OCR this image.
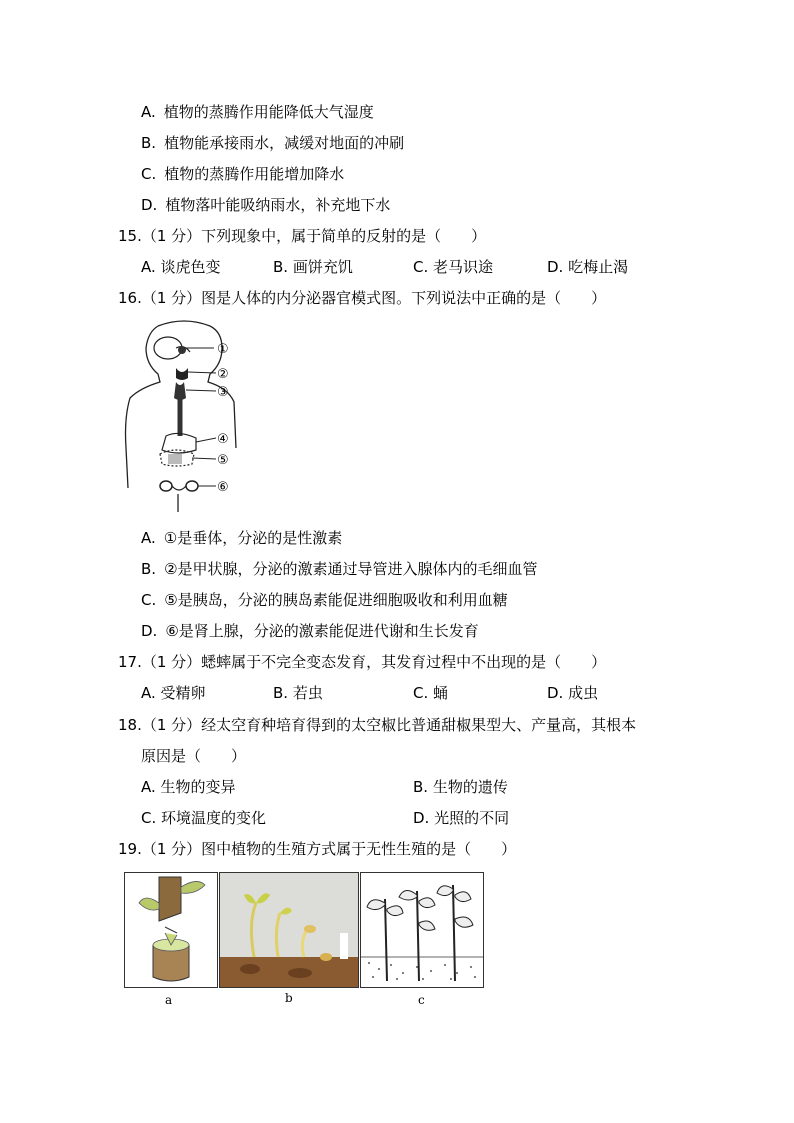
A. 植物的蒸腾作用能降低大气湿度
B. 植物能承接雨水，减缓对地面的冲刷
C. 植物的蒸腾作用能增加降水
D. 植物落叶能吸纳雨水，补充地下水
15.（1 分）下列现象中，属于简单的反射的是（　　）
A. 谈虎色变	B. 画饼充饥	C. 老马识途	D. 吃梅止渴
16.（1 分）图是人体的内分泌器官模式图。下列说法中正确的是（　　）
①
②
③
④
⑤
⑥
A. ①是垂体，分泌的是性激素
B. ②是甲状腺，分泌的激素通过导管进入腺体内的毛细血管
C. ⑤是胰岛，分泌的胰岛素能促进细胞吸收和利用血糖
D. ⑥是肾上腺，分泌的激素能促进代谢和生长发育
17.（1 分）蟋蟀属于不完全变态发育，其发育过程中不出现的是（　　）
A. 受精卵	B. 若虫	C. 蛹	D. 成虫
18.（1 分）经太空育种培育得到的太空椒比普通甜椒果型大、产量高，其根本
原因是（　　）
A. 生物的变异	B. 生物的遗传
C. 环境温度的变化	D. 光照的不同
19.（1 分）图中植物的生殖方式属于无性生殖的是（　　）
a	b	c
